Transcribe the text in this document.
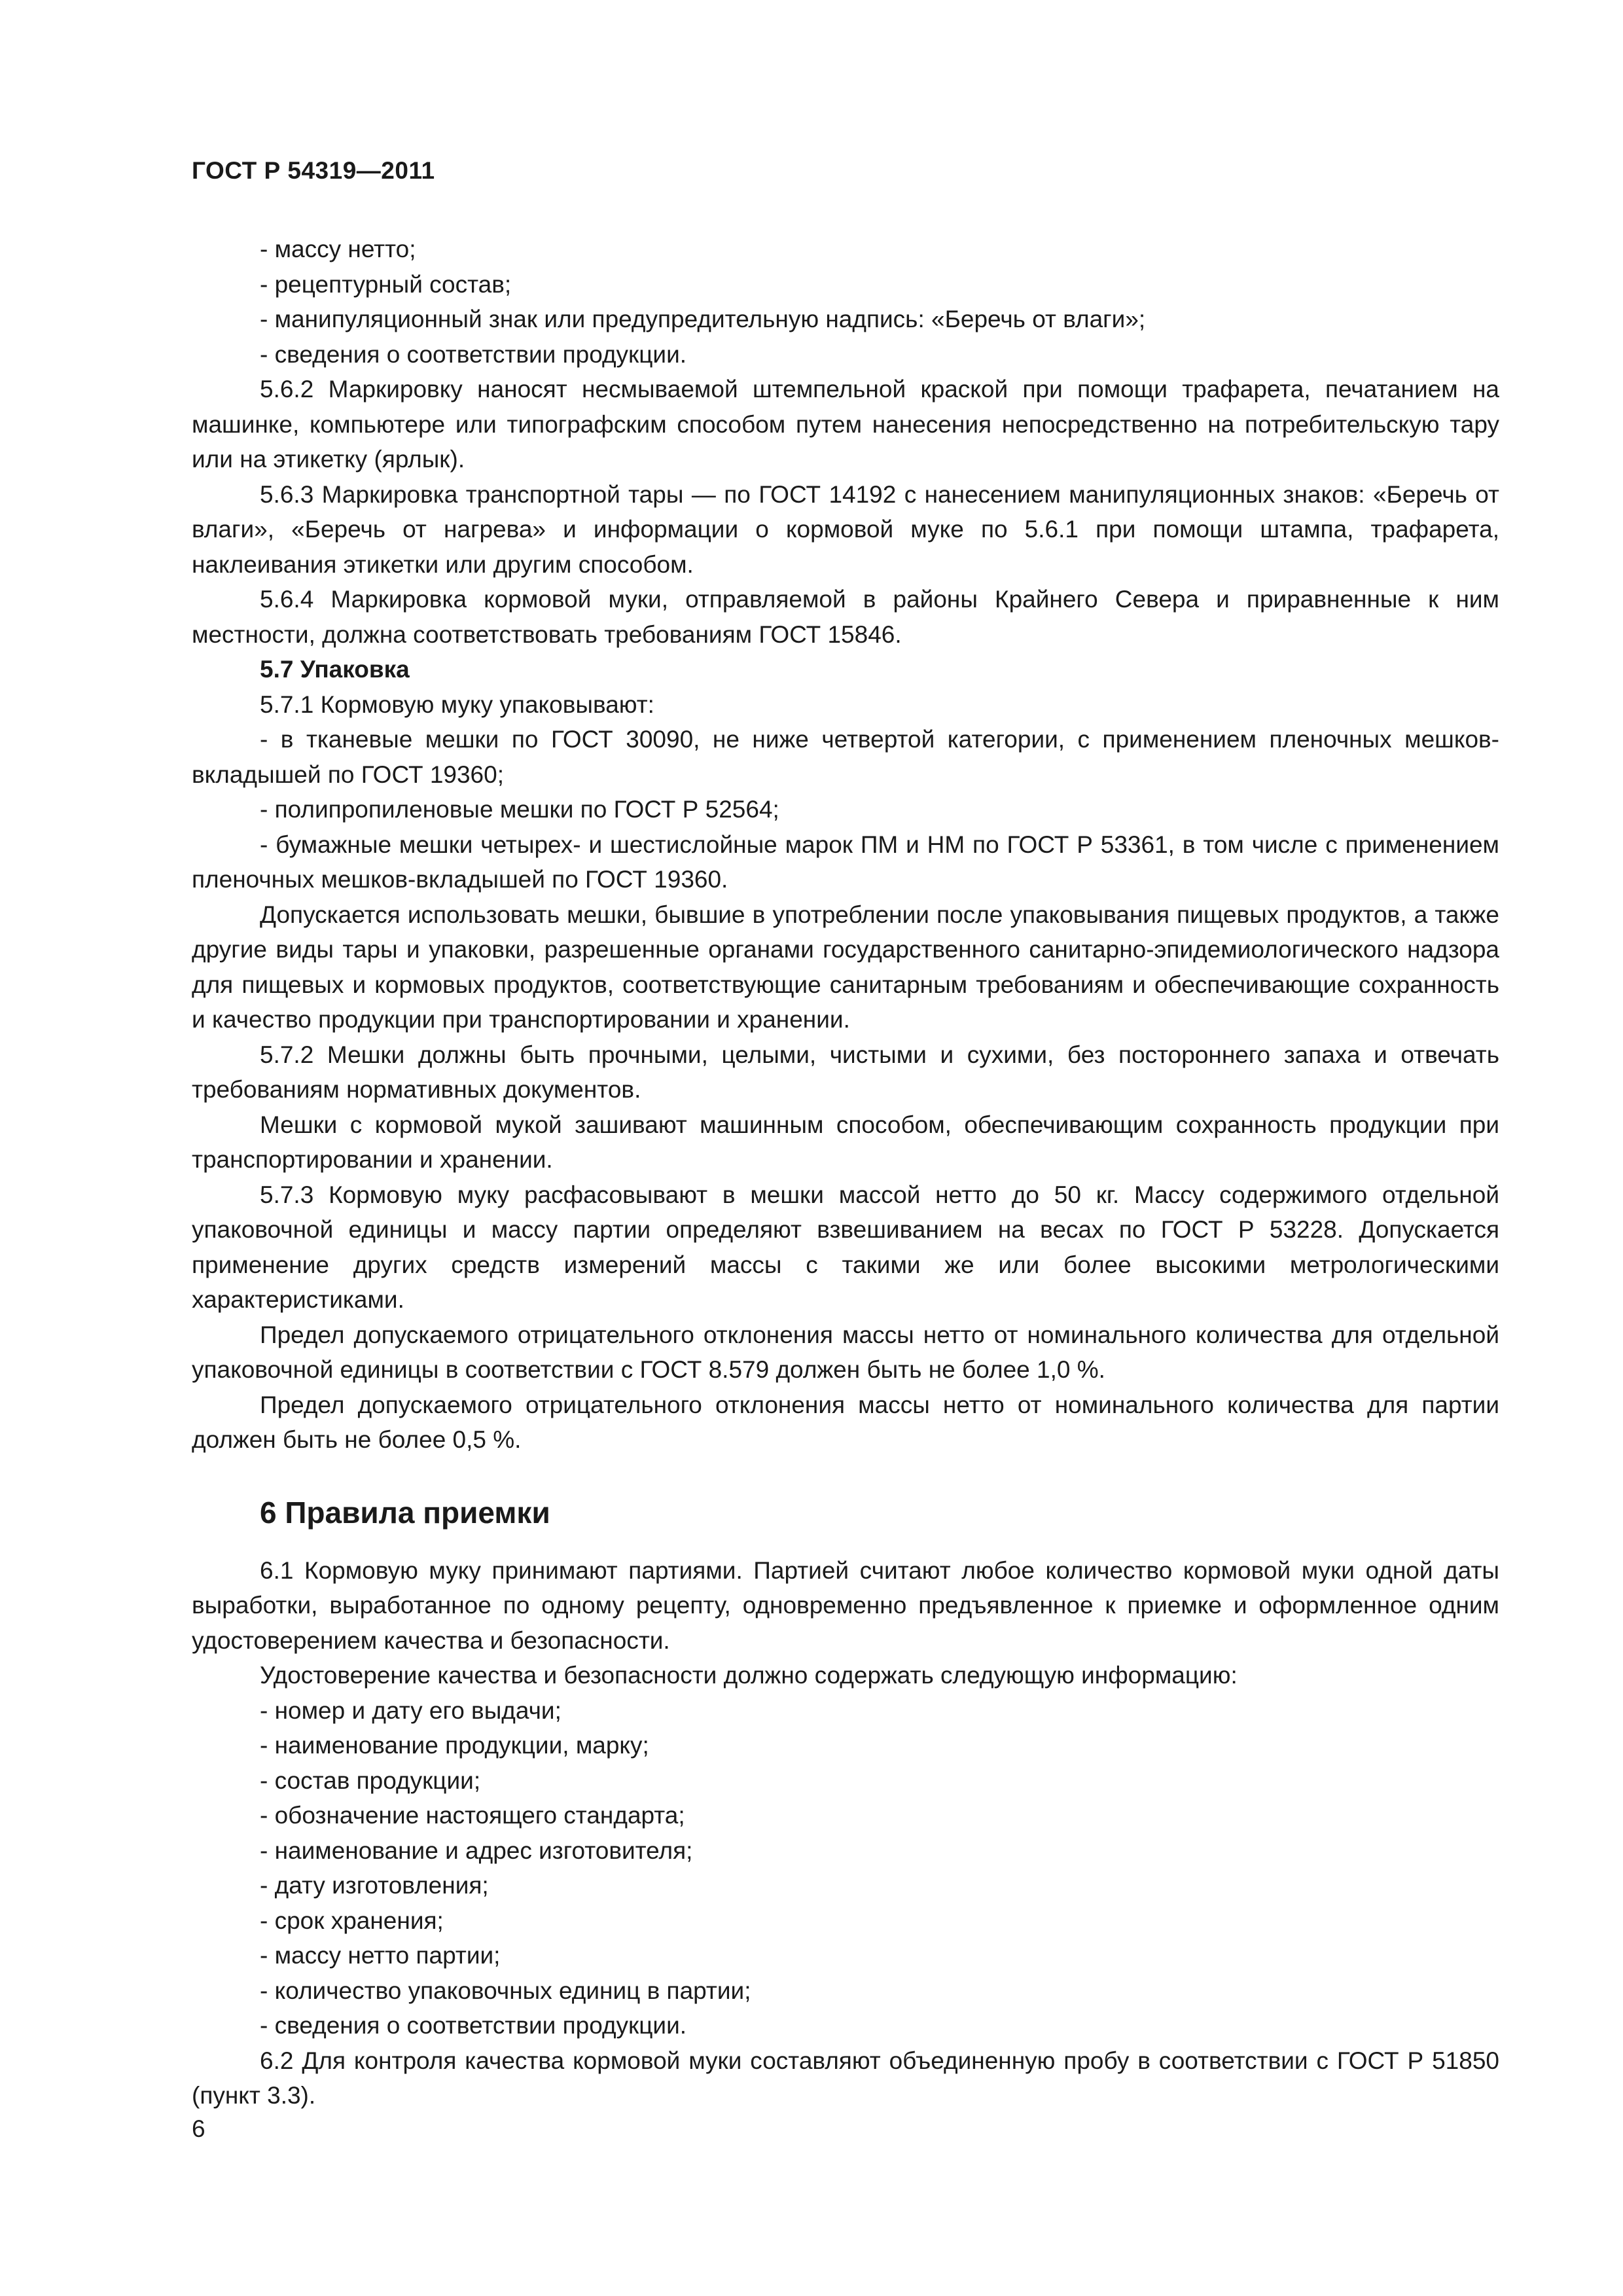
ГОСТ Р 54319—2011

- массу нетто;

- рецептурный состав;

- манипуляционный знак или предупредительную надпись: «Беречь от влаги»;

- сведения о соответствии продукции.

5.6.2 Маркировку наносят несмываемой штемпельной краской при помощи трафарета, печатанием на машинке, компьютере или типографским способом путем нанесения непосредственно на потребительскую тару или на этикетку (ярлык).

5.6.3 Маркировка транспортной тары — по ГОСТ 14192 с нанесением манипуляционных знаков: «Беречь от влаги», «Беречь от нагрева» и информации о кормовой муке по 5.6.1 при помощи штампа, трафарета, наклеивания этикетки или другим способом.

5.6.4 Маркировка кормовой муки, отправляемой в районы Крайнего Севера и приравненные к ним местности, должна соответствовать требованиям ГОСТ 15846.

5.7 Упаковка

5.7.1 Кормовую муку упаковывают:

- в тканевые мешки по ГОСТ 30090, не ниже четвертой категории, с применением пленочных мешков-вкладышей по ГОСТ 19360;

- полипропиленовые мешки по ГОСТ Р 52564;

- бумажные мешки четырех- и шестислойные марок ПМ и НМ по ГОСТ Р 53361, в том числе с применением пленочных мешков-вкладышей по ГОСТ 19360.

Допускается использовать мешки, бывшие в употреблении после упаковывания пищевых продуктов, а также другие виды тары и упаковки, разрешенные органами государственного санитарно-эпидемиологического надзора для пищевых и кормовых продуктов, соответствующие санитарным требованиям и обеспечивающие сохранность и качество продукции при транспортировании и хранении.

5.7.2 Мешки должны быть прочными, целыми, чистыми и сухими, без постороннего запаха и отвечать требованиям нормативных документов.

Мешки с кормовой мукой зашивают машинным способом, обеспечивающим сохранность продукции при транспортировании и хранении.

5.7.3 Кормовую муку расфасовывают в мешки массой нетто до 50 кг. Массу содержимого отдельной упаковочной единицы и массу партии определяют взвешиванием на весах по ГОСТ Р 53228. Допускается применение других средств измерений массы с такими же или более высокими метрологическими характеристиками.

Предел допускаемого отрицательного отклонения массы нетто от номинального количества для отдельной упаковочной единицы в соответствии с ГОСТ 8.579 должен быть не более 1,0 %.

Предел допускаемого отрицательного отклонения массы нетто от номинального количества для партии должен быть не более 0,5 %.

6 Правила приемки

6.1 Кормовую муку принимают партиями. Партией считают любое количество кормовой муки одной даты выработки, выработанное по одному рецепту, одновременно предъявленное к приемке и оформленное одним удостоверением качества и безопасности.

Удостоверение качества и безопасности должно содержать следующую информацию:

- номер и дату его выдачи;

- наименование продукции, марку;

- состав продукции;

- обозначение настоящего стандарта;

- наименование и адрес изготовителя;

- дату изготовления;

- срок хранения;

- массу нетто партии;

- количество упаковочных единиц в партии;

- сведения о соответствии продукции.

6.2 Для контроля качества кормовой муки составляют объединенную пробу в соответствии с ГОСТ Р 51850 (пункт 3.3).

6
